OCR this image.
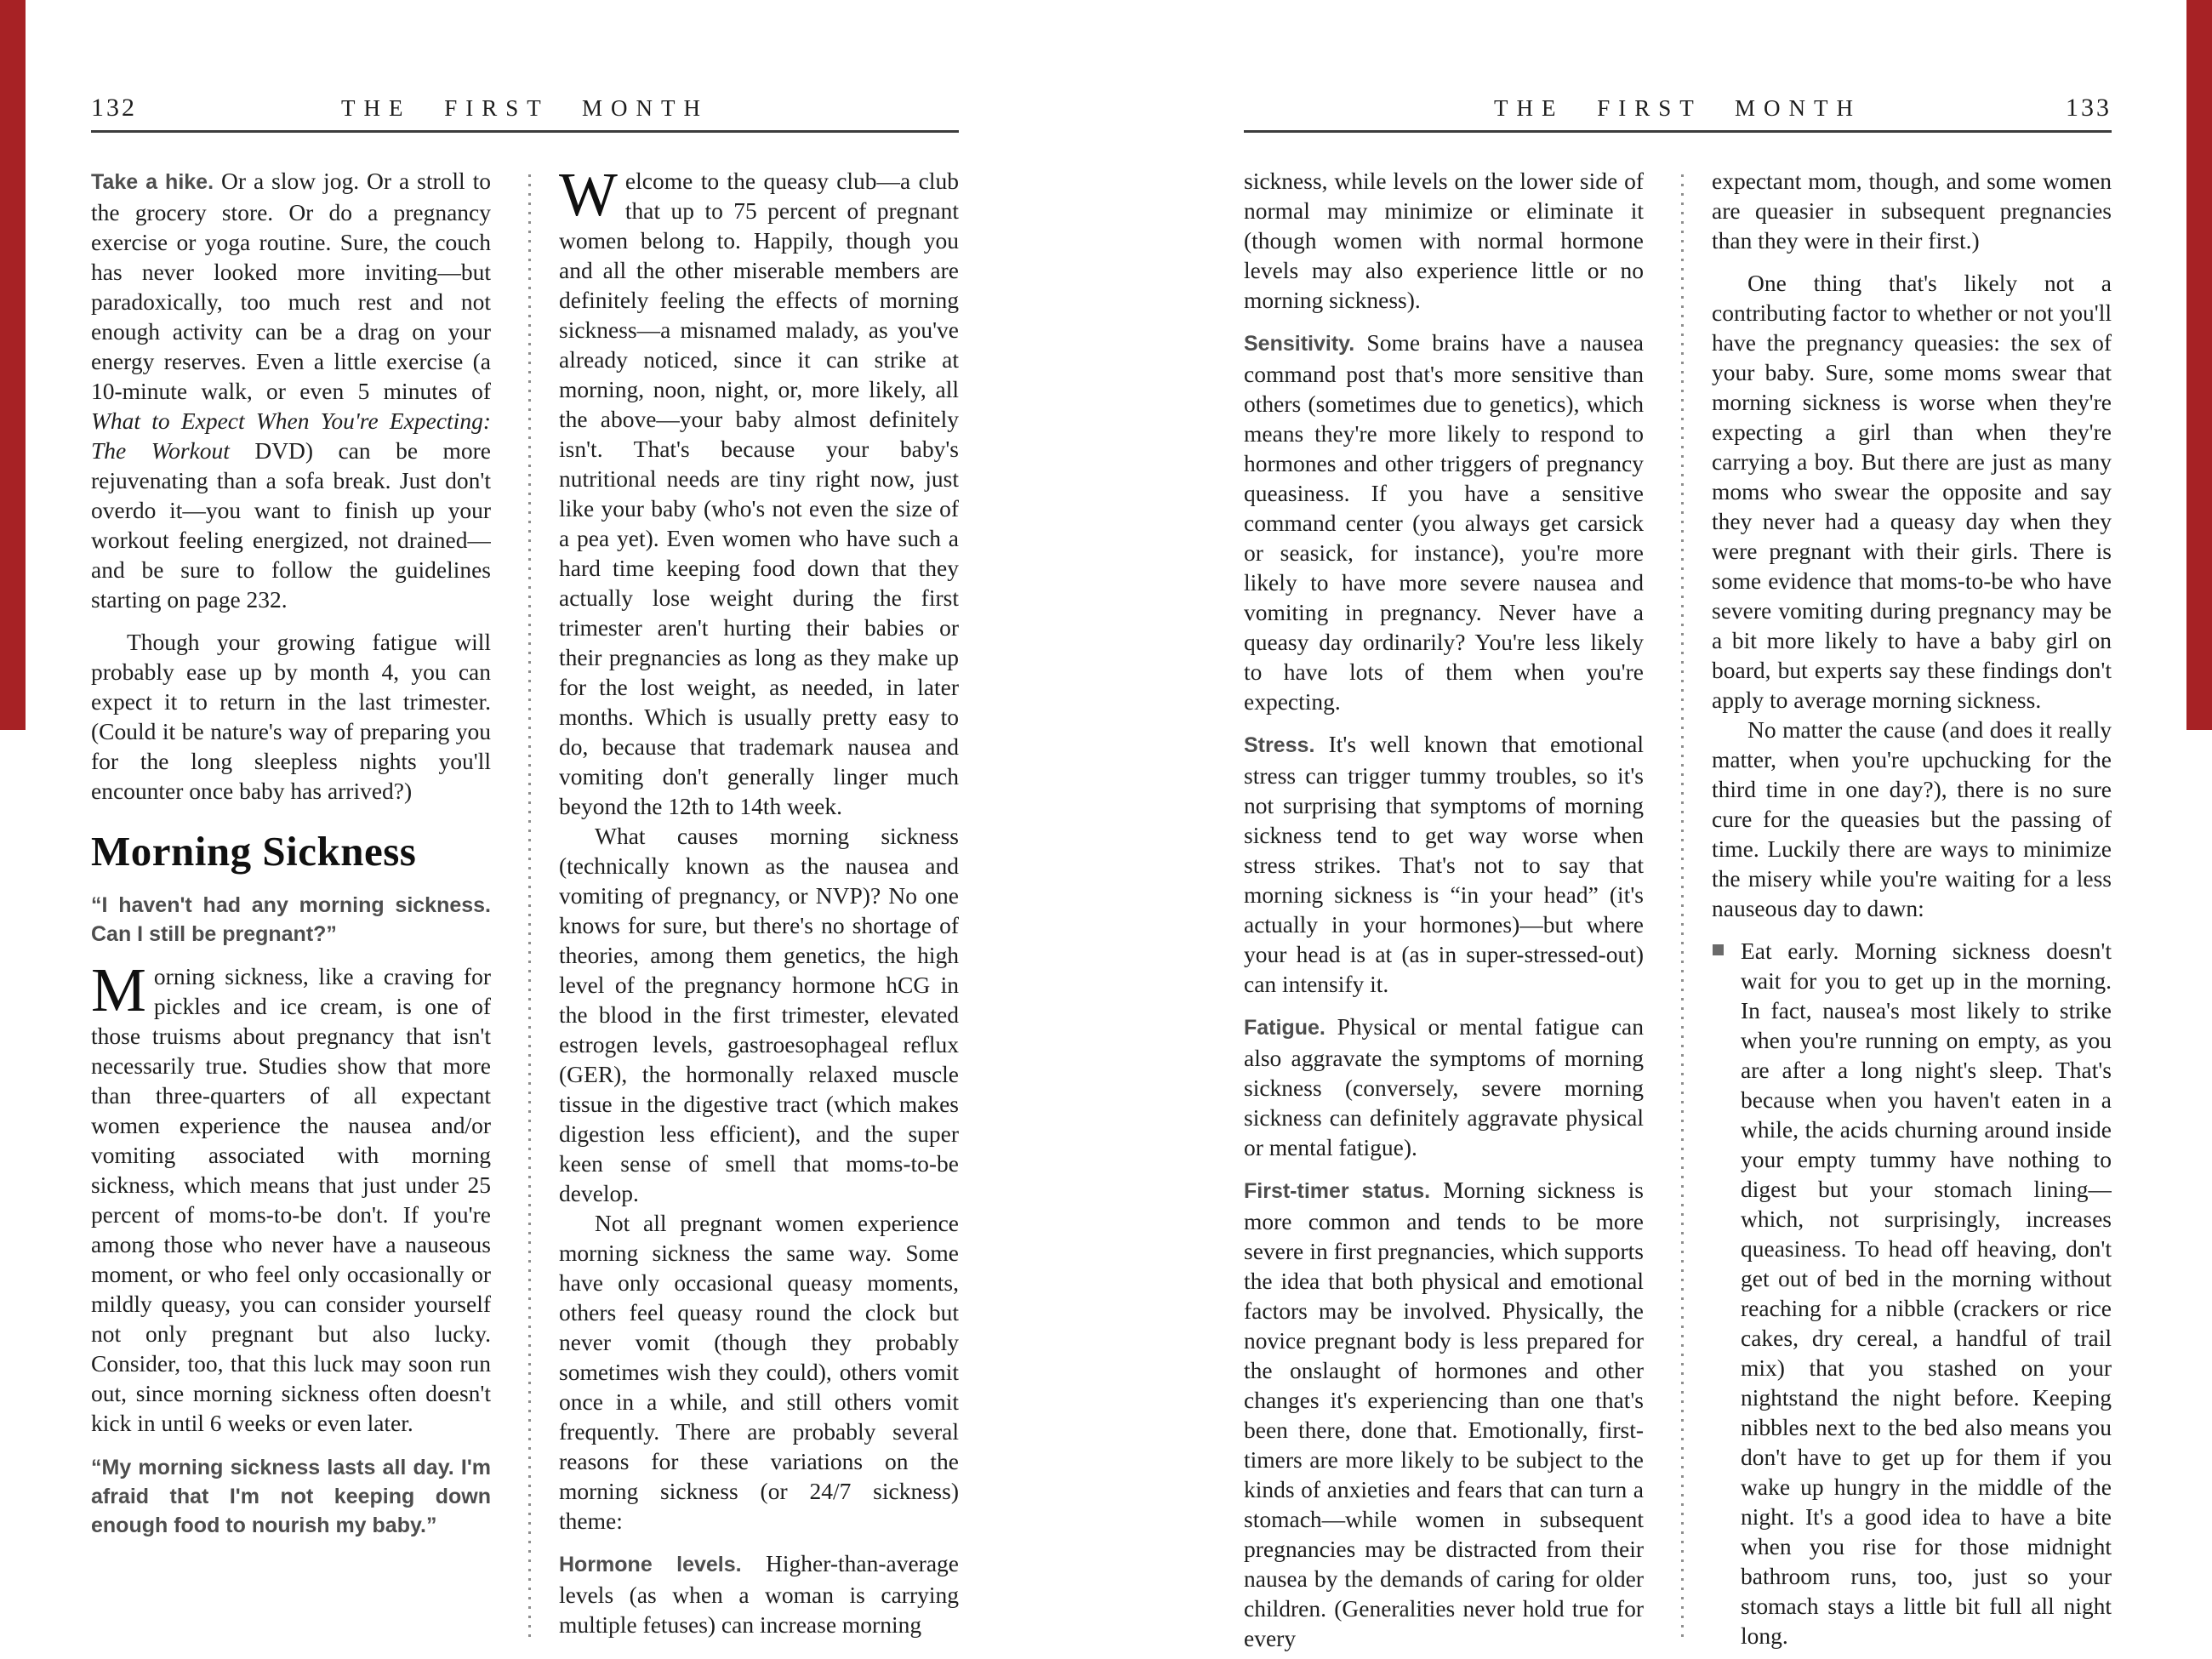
132	THE FIRST MONTH

Take a hike. Or a slow jog. Or a stroll to the grocery store. Or do a pregnancy exercise or yoga routine. Sure, the couch has never looked more inviting—but paradoxically, too much rest and not enough activity can be a drag on your energy reserves. Even a little exercise (a 10-minute walk, or even 5 minutes of What to Expect When You're Expecting: The Workout DVD) can be more rejuvenating than a sofa break. Just don't overdo it—you want to finish up your workout feeling energized, not drained—and be sure to follow the guidelines starting on page 232.

Though your growing fatigue will probably ease up by month 4, you can expect it to return in the last trimester. (Could it be nature's way of preparing you for the long sleepless nights you'll encounter once baby has arrived?)

Morning Sickness

“I haven't had any morning sickness. Can I still be pregnant?”

Morning sickness, like a craving for pickles and ice cream, is one of those truisms about pregnancy that isn't necessarily true. Studies show that more than three-quarters of all expectant women experience the nausea and/or vomiting associated with morning sickness, which means that just under 25 percent of moms-to-be don't. If you're among those who never have a nauseous moment, or who feel only occasionally or mildly queasy, you can consider yourself not only pregnant but also lucky. Consider, too, that this luck may soon run out, since morning sickness often doesn't kick in until 6 weeks or even later.

“My morning sickness lasts all day. I'm afraid that I'm not keeping down enough food to nourish my baby.”

Welcome to the queasy club—a club that up to 75 percent of pregnant women belong to. Happily, though you and all the other miserable members are definitely feeling the effects of morning sickness—a misnamed malady, as you've already noticed, since it can strike at morning, noon, night, or, more likely, all the above—your baby almost definitely isn't. That's because your baby's nutritional needs are tiny right now, just like your baby (who's not even the size of a pea yet). Even women who have such a hard time keeping food down that they actually lose weight during the first trimester aren't hurting their babies or their pregnancies as long as they make up for the lost weight, as needed, in later months. Which is usually pretty easy to do, because that trademark nausea and vomiting don't generally linger much beyond the 12th to 14th week.

What causes morning sickness (technically known as the nausea and vomiting of pregnancy, or NVP)? No one knows for sure, but there's no shortage of theories, among them genetics, the high level of the pregnancy hormone hCG in the blood in the first trimester, elevated estrogen levels, gastroesophageal reflux (GER), the hormonally relaxed muscle tissue in the digestive tract (which makes digestion less efficient), and the super keen sense of smell that moms-to-be develop.

Not all pregnant women experience morning sickness the same way. Some have only occasional queasy moments, others feel queasy round the clock but never vomit (though they probably sometimes wish they could), others vomit once in a while, and still others vomit frequently. There are probably several reasons for these variations on the morning sickness (or 24/7 sickness) theme:

Hormone levels. Higher-than-average levels (as when a woman is carrying multiple fetuses) can increase morning

THE FIRST MONTH	133

sickness, while levels on the lower side of normal may minimize or eliminate it (though women with normal hormone levels may also experience little or no morning sickness).

Sensitivity. Some brains have a nausea command post that's more sensitive than others (sometimes due to genetics), which means they're more likely to respond to hormones and other triggers of pregnancy queasiness. If you have a sensitive command center (you always get carsick or seasick, for instance), you're more likely to have more severe nausea and vomiting in pregnancy. Never have a queasy day ordinarily? You're less likely to have lots of them when you're expecting.

Stress. It's well known that emotional stress can trigger tummy troubles, so it's not surprising that symptoms of morning sickness tend to get way worse when stress strikes. That's not to say that morning sickness is “in your head” (it's actually in your hormones)—but where your head is at (as in super-stressed-out) can intensify it.

Fatigue. Physical or mental fatigue can also aggravate the symptoms of morning sickness (conversely, severe morning sickness can definitely aggravate physical or mental fatigue).

First-timer status. Morning sickness is more common and tends to be more severe in first pregnancies, which supports the idea that both physical and emotional factors may be involved. Physically, the novice pregnant body is less prepared for the onslaught of hormones and other changes it's experiencing than one that's been there, done that. Emotionally, first-timers are more likely to be subject to the kinds of anxieties and fears that can turn a stomach—while women in subsequent pregnancies may be distracted from their nausea by the demands of caring for older children. (Generalities never hold true for every

expectant mom, though, and some women are queasier in subsequent pregnancies than they were in their first.)

One thing that's likely not a contributing factor to whether or not you'll have the pregnancy queasies: the sex of your baby. Sure, some moms swear that morning sickness is worse when they're expecting a girl than when they're carrying a boy. But there are just as many moms who swear the opposite and say they never had a queasy day when they were pregnant with their girls. There is some evidence that moms-to-be who have severe vomiting during pregnancy may be a bit more likely to have a baby girl on board, but experts say these findings don't apply to average morning sickness.

No matter the cause (and does it really matter, when you're upchucking for the third time in one day?), there is no sure cure for the queasies but the passing of time. Luckily there are ways to minimize the misery while you're waiting for a less nauseous day to dawn:

Eat early. Morning sickness doesn't wait for you to get up in the morning. In fact, nausea's most likely to strike when you're running on empty, as you are after a long night's sleep. That's because when you haven't eaten in a while, the acids churning around inside your empty tummy have nothing to digest but your stomach lining—which, not surprisingly, increases queasiness. To head off heaving, don't get out of bed in the morning without reaching for a nibble (crackers or rice cakes, dry cereal, a handful of trail mix) that you stashed on your nightstand the night before. Keeping nibbles next to the bed also means you don't have to get up for them if you wake up hungry in the middle of the night. It's a good idea to have a bite when you rise for those midnight bathroom runs, too, just so your stomach stays a little bit full all night long.
